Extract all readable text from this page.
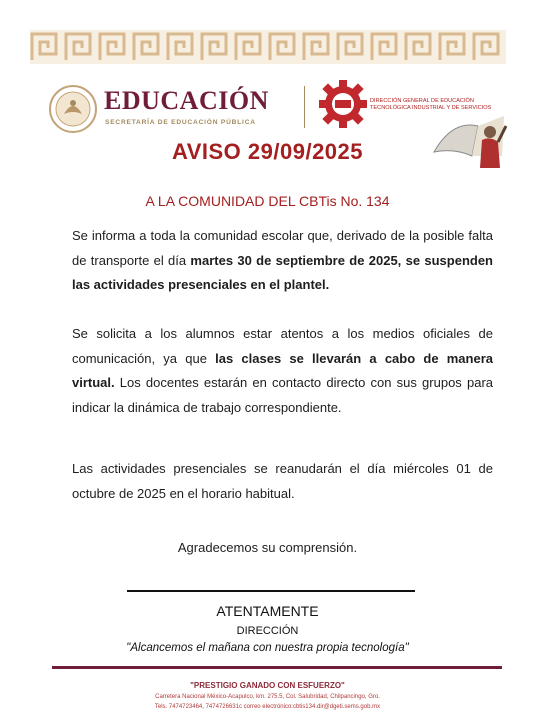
EDUCACIÓN
SECRETARÍA DE EDUCACIÓN PÚBLICA
DIRECCIÓN GENERAL DE EDUCACIÓN
TECNOLÓGICA INDUSTRIAL Y DE SERVICIOS
AVISO 29/09/2025
A LA COMUNIDAD DEL CBTis No. 134
Se informa a toda la comunidad escolar que, derivado de la posible falta de transporte el día martes 30 de septiembre de 2025, se suspenden las actividades presenciales en el plantel.
Se solicita a los alumnos estar atentos a los medios oficiales de comunicación, ya que las clases se llevarán a cabo de manera virtual. Los docentes estarán en contacto directo con sus grupos para indicar la dinámica de trabajo correspondiente.
Las actividades presenciales se reanudarán el día miércoles 01 de octubre de 2025 en el horario habitual.
Agradecemos su comprensión.
ATENTAMENTE
DIRECCIÓN
"Alcancemos el mañana con nuestra propia tecnología"
"PRESTIGIO GANADO CON ESFUERZO"
Carretera Nacional México-Acapulco, km. 275.5, Col. Salubridad, Chilpancingo, Gro.
Tels. 7474723464, 7474726631c correo electrónico:cbtis134.dir@dgeti.sems.gob.mx
